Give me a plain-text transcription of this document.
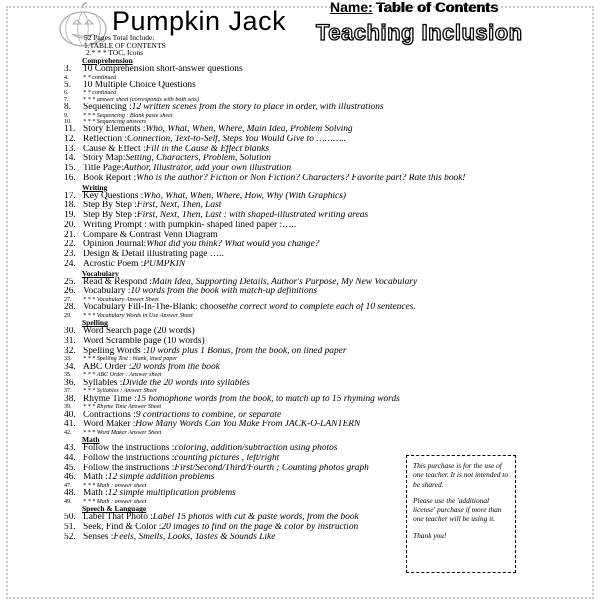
Pumpkin Jack	Name: Table of Contents
Teaching Inclusion
52 Pages Total Include:
1.TABLE OF CONTENTS
2.* * * TOC, Icons
Comprehension
3.	10 Comprehension short-answer questions
4.	* * continued
5.	10 Multiple Choice Questions
6.	* * continued
7.	* * * answer sheet (corresponds with both sets)
8.	Sequencing : 12 written scenes from the story to place in order, with illustrations
9.	* * * Sequencing : Blank paste sheet
10.	* * * Sequencing answers
11. Story Elements : Who, What, When, Where, Main Idea, Problem Solving
12. Reflection : Connection, Text-to-Self, Steps You Would Give to ………..
13. Cause & Effect : Fill in the Cause & Effect blanks
14. Story Map: Setting, Characters, Problem, Solution
15. Title Page: Author, Illustrator, add your own illustration
16. Book Report : Who is the author? Fiction or Non Fiction? Characters? Favorite part? Rate this book!
Writing
17. Key Questions : Who, What, When, Where, How, Why (With Graphics)
18. Step By Step : First, Next, Then, Last
19. Step By Step : First, Next, Then, Last : with shaped-illustrated writing areas
20. Writing Prompt : with pumpkin- shaped lined paper :…..
21. Compare & Contrast Venn Diagram
22. Opinion Journal: What did you think? What would you change?
23. Design & Detail illustrating page …..
24. Acrostic Poem : PUMPKIN
Vocabulary
25. Read & Respond : Main Idea, Supporting Details, Author's Purpose, My New Vocabulary
26. Vocabulary : 10 words from the book with match-up definitions
27.	* * * Vocabulary Answer Sheet
28. Vocabulary Fill-In-The-Blank: choose the correct word to complete each of 10 sentences.
29.	* * * Vocabulary Words in Use Answer Sheet
Spelling
30. Word Search page (20 words)
31. Word Scramble page (10 words)
32. Spelling Words : 10 words plus 1 Bonus, from the book, on lined paper
33.	* * * Spelling Test : blank, lined paper
34. ABC Order : 20 words from the book
35.	* * * ABC Order : Answer sheet
36. Syllables : Divide the 20 words into syllables
37.	* * * Syllables : Answer Sheet
38. Rhyme Time : 15 homophone words from the book, to match up to 15 rhyming words
39.	* * * Rhyme Time Answer Sheet
40. Contractions : 9 contractions to combine, or separate
41. Word Maker : How Many Words Can You Make From JACK-O-LANTERN
42.	* * * Word Maker Answer Sheet
Math
43. Follow the instructions : coloring, addition/subtraction using photos
44. Follow the instructions : counting pictures , left/right
45. Follow the instructions : First/Second/Third/Fourth ; Counting photos graph
46. Math : 12 simple addition problems
47.	* * * Math : answer sheet
48. Math : 12 simple multiplication problems
49.	* * * Math : answer sheet
Speech & Language
50. Label That Photo : Label 15 photos with cut & paste words, from the book
51. Seek, Find & Color : 20 images to find on the page & color by instruction
52. Senses : Feels, Smells, Looks, Tastes & Sounds Like

This purchase is for the use of one teacher. It is not intended to be shared.

Please use the 'additional license' purchase if more than one teacher will be using it.

Thank you!
